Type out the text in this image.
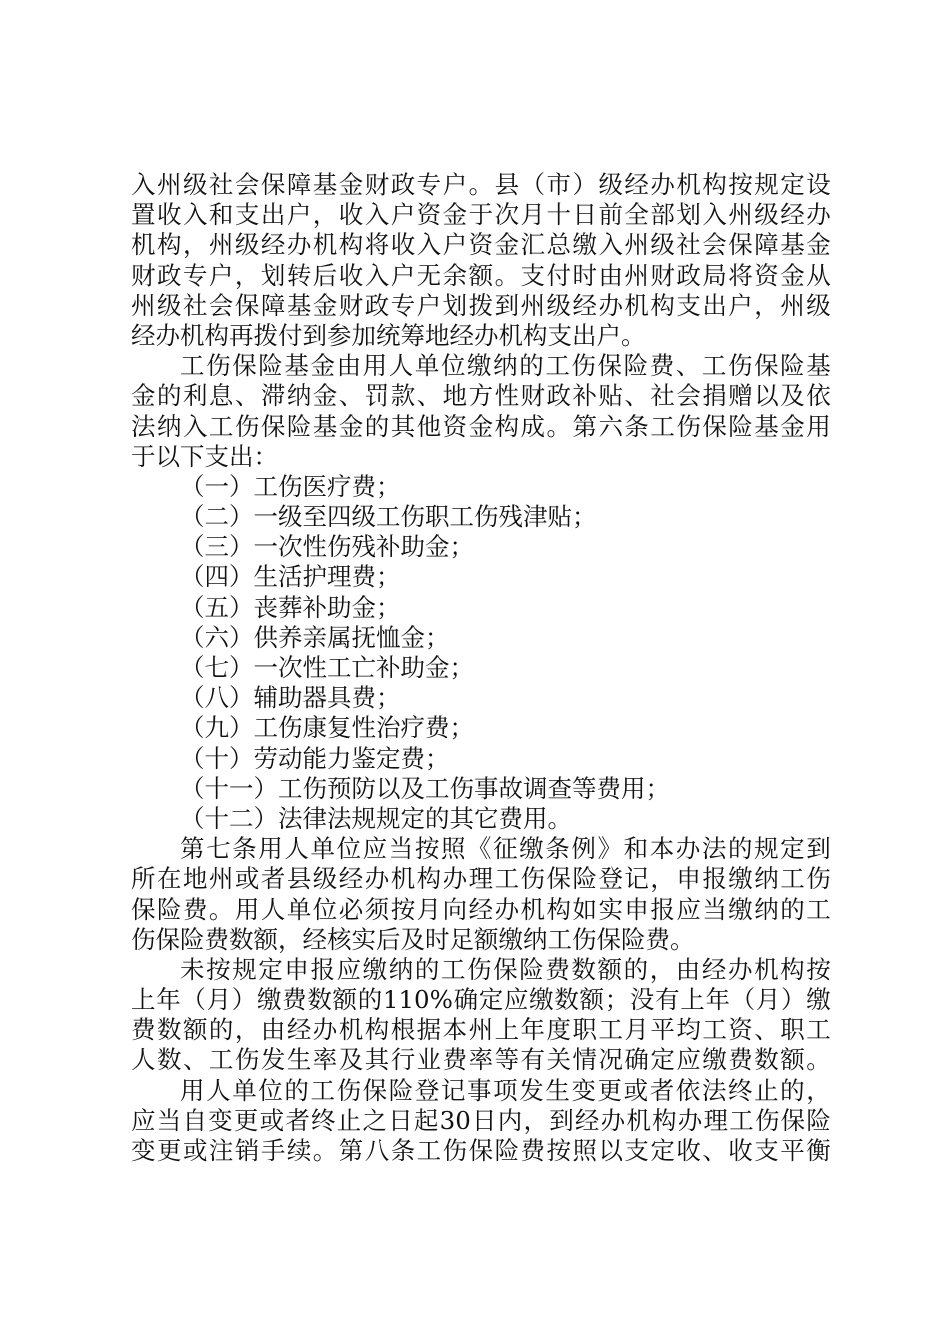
入 州 级 社 会 保 障 基 金 财 政 专 户 。 县 （ 市 ） 级 经 办 机 构 按 规 定 设
置 收 入 和 支 出 户 ， 收 入 户 资 金 于 次 月 十 日 前 全 部 划 入 州 级 经 办
机 构 ， 州 级 经 办 机 构 将 收 入 户 资 金 汇 总 缴 入 州 级 社 会 保 障 基 金
财 政 专 户 ， 划 转 后 收 入 户 无 余 额 。 支 付 时 由 州 财 政 局 将 资 金 从
州 级 社 会 保 障 基 金 财 政 专 户 划 拨 到 州 级 经 办 机 构 支 出 户 ， 州 级
经办机构再拨付到参加统筹地经办机构支出户。
工 伤 保 险 基 金 由 用 人 单 位 缴 纳 的 工 伤 保 险 费 、 工 伤 保 险 基
金 的 利 息 、 滞 纳 金 、 罚 款 、 地 方 性 财 政 补 贴 、 社 会 捐 赠 以 及 依
法 纳 入 工 伤 保 险 基 金 的 其 他 资 金 构 成 。 第 六 条 工 伤 保 险 基 金 用
于以下支出：
（一）工伤医疗费；
（二）一级至四级工伤职工伤残津贴；
（三）一次性伤残补助金；
（四）生活护理费；
（五）丧葬补助金；
（六）供养亲属抚恤金；
（七）一次性工亡补助金；
（八）辅助器具费；
（九）工伤康复性治疗费；
（十）劳动能力鉴定费；
（十一）工伤预防以及工伤事故调查等费用；
（十二）法律法规规定的其它费用。
第 七 条 用 人 单 位 应 当 按 照 《 征 缴 条 例 》 和 本 办 法 的 规 定 到
所 在 地 州 或 者 县 级 经 办 机 构 办 理 工 伤 保 险 登 记 ， 申 报 缴 纳 工 伤
保 险 费 。 用 人 单 位 必 须 按 月 向 经 办 机 构 如 实 申 报 应 当 缴 纳 的 工
伤保险费数额，经核实后及时足额缴纳工伤保险费。
未 按 规 定 申 报 应 缴 纳 的 工 伤 保 险 费 数 额 的 ， 由 经 办 机 构 按
上 年 （ 月 ） 缴 费 数 额 的 110% 确 定 应 缴 数 额 ； 没 有 上 年 （ 月 ） 缴
费 数 额 的 ， 由 经 办 机 构 根 据 本 州 上 年 度 职 工 月 平 均 工 资 、 职 工
人 数 、 工 伤 发 生 率 及 其 行 业 费 率 等 有 关 情 况 确 定 应 缴 费 数 额 。
用 人 单 位 的 工 伤 保 险 登 记 事 项 发 生 变 更 或 者 依 法 终 止 的 ，
应 当 自 变 更 或 者 终 止 之 日 起 30 日 内 ， 到 经 办 机 构 办 理 工 伤 保 险
变 更 或 注 销 手 续 。 第 八 条 工 伤 保 险 费 按 照 以 支 定 收 、 收 支 平 衡
